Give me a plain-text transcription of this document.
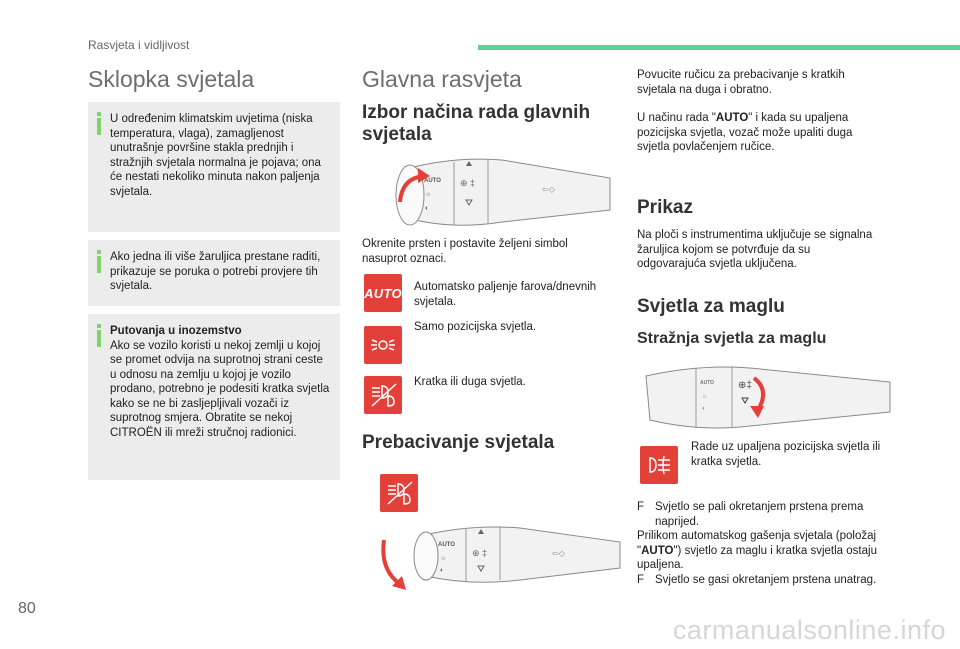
Rasvjeta i vidljivost
Sklopka svjetala
U određenim klimatskim uvjetima (niska temperatura, vlaga), zamagljenost unutrašnje površine stakla prednjih i stražnjih svjetala normalna je pojava; ona će nestati nekoliko minuta nakon paljenja svjetala.
Ako jedna ili više žaruljica prestane raditi, prikazuje se poruka o potrebi provjere tih svjetala.
Putovanja u inozemstvo
Ako se vozilo koristi u nekoj zemlji u kojoj se promet odvija na suprotnoj strani ceste u odnosu na zemlju u kojoj je vozilo prodano, potrebno je podesiti kratka svjetla kako se ne bi zasljepljivali vozači iz suprotnog smjera. Obratite se nekoj CITROËN ili mreži stručnoj radionici.
Glavna rasvjeta
Izbor načina rada glavnih svjetala
AUTO
☼
◐
⊕ ‡
⇦◇
Okrenite prsten i postavite željeni simbol nasuprot oznaci.
AUTO Automatsko paljenje farova/dnevnih svjetala.
Samo pozicijska svjetla.
Kratka ili duga svjetla.
Prebacivanje svjetala
AUTO
☼
◐
⊕ ‡	⇦◇
Povucite ručicu za prebacivanje s kratkih svjetala na duga i obratno.
U načinu rada "AUTO" i kada su upaljena pozicijska svjetla, vozač može upaliti duga svjetla povlačenjem ručice.
Prikaz
Na ploči s instrumentima uključuje se signalna žaruljica kojom se potvrđuje da su odgovarajuća svjetla uključena.
Svjetla za maglu
Stražnja svjetla za maglu
AUTO
☼
◐
⊕‡
Rade uz upaljena pozicijska svjetla ili kratka svjetla.
F Svjetlo se pali okretanjem prstena prema naprijed.
Prilikom automatskog gašenja svjetala (položaj "AUTO") svjetlo za maglu i kratka svjetla ostaju upaljena.
F Svjetlo se gasi okretanjem prstena unatrag.
80
carmanualsonline.info
